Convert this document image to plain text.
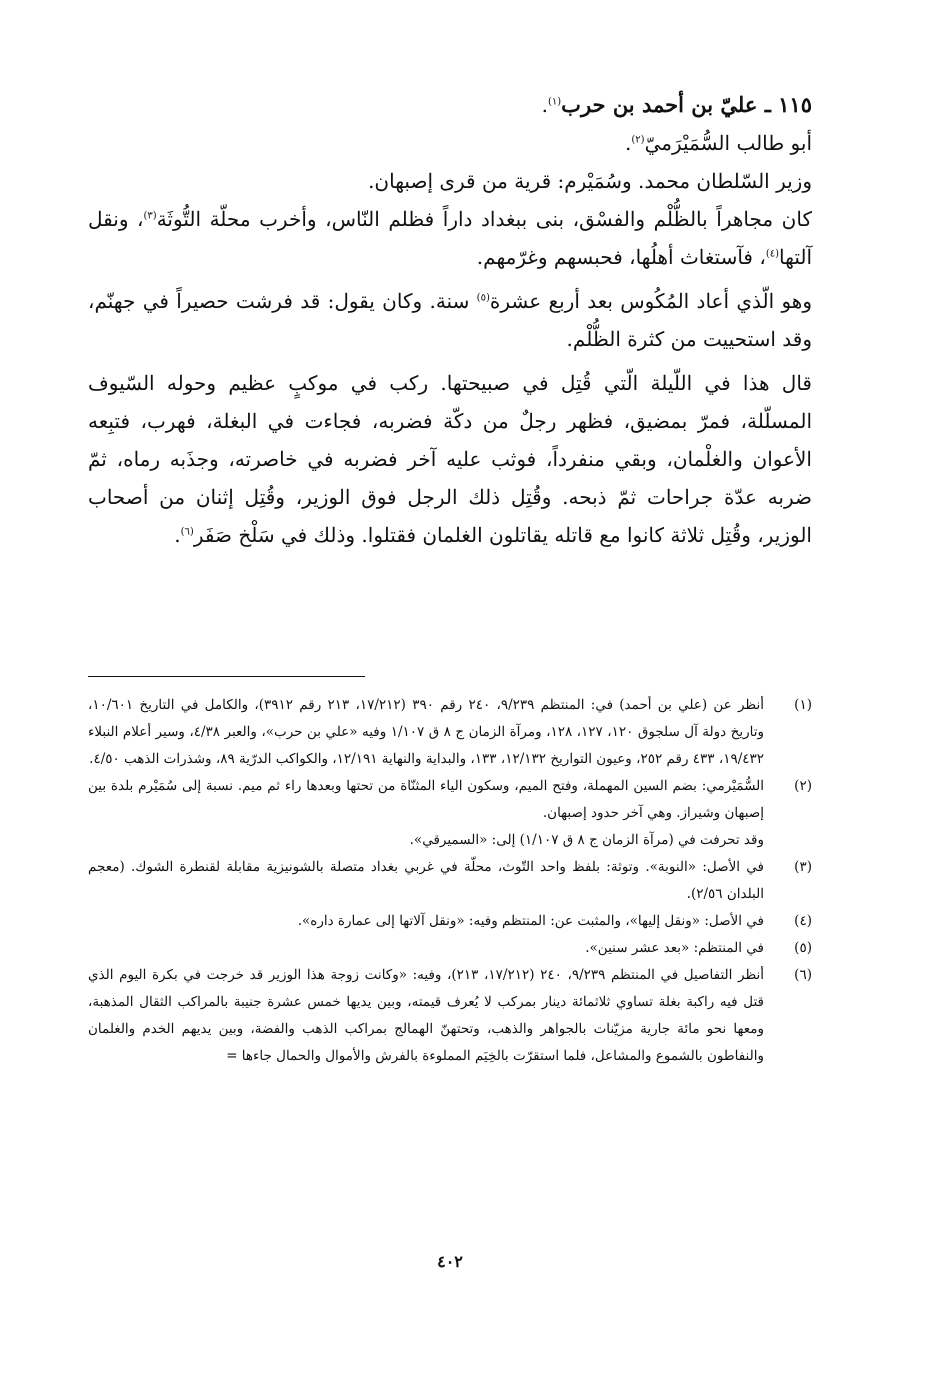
١١٥ ـ عليّ بن أحمد بن حرب$^{(١)}$.

أبو طالب السُّمَيْرَميّ$^{(٢)}$.

وزير السّلطان محمد. وسُمَيْرم: قرية من قرى إصبهان.

كان مجاهراً بالظُّلْم والفسْق، بنى ببغداد داراً فظلم النّاس، وأخرب محلّة التُّوثَة$^{(٣)}$، ونقل آلتها$^{(٤)}$، فآستغاث أهلُها، فحبسهم وغرّمهم.

وهو الّذي أعاد المُكُوس بعد أربع عشرة$^{(٥)}$ سنة. وكان يقول: قد فرشت حصيراً في جهنّم، وقد استحييت من كثرة الظُّلْم.

قال هذا في اللّيلة الّتي قُتِل في صبيحتها. ركب في موكبٍ عظيم وحوله السّيوف المسلّلة، فمرّ بمضيق، فظهر رجلٌ من دكّة فضربه، فجاءت في البغلة، فهرب، فتبِعه الأعوان والغلْمان، وبقي منفرداً، فوثب عليه آخر فضربه في خاصرته، وجذَبه رماه، ثمّ ضربه عدّة جراحات ثمّ ذبحه. وقُتِل ذلك الرجل فوق الوزير، وقُتِل إثنان من أصحاب الوزير، وقُتِل ثلاثة كانوا مع قاتله يقاتلون الغلمان فقتلوا. وذلك في سَلْخ صَفَر$^{(٦)}$.

(١)

أنظر عن (علي بن أحمد) في: المنتظم ٩/٢٣٩، ٢٤٠ رقم ٣٩٠ (١٧/٢١٢، ٢١٣ رقم ٣٩١٢)، والكامل في التاريخ ١٠/٦٠١، وتاريخ دولة آل سلجوق ١٢٠، ١٢٧، ١٢٨، ومرآة الزمان ج ٨ ق ١/١٠٧ وفيه «علي بن حرب»، والعبر ٤/٣٨، وسير أعلام النبلاء ١٩/٤٣٢، ٤٣٣ رقم ٢٥٢، وعيون التواريخ ١٢/١٣٢، ١٣٣، والبداية والنهاية ١٢/١٩١، والكواكب الدرّية ٨٩، وشذرات الذهب ٤/٥٠.

(٢)

السُّمَيْرمي: بضم السين المهملة، وفتح الميم، وسكون الياء المثنّاة من تحتها وبعدها راء ثم ميم. نسبة إلى سُمَيْرم بلدة بين إصبهان وشيراز. وهي آخر حدود إصبهان.

وقد تحرفت في (مرآة الزمان ج ٨ ق ١/١٠٧) إلى: «السميرقي».

(٣)

في الأصل: «النوبة». وتوثة: بلفظ واحد التّوث، محلّة في غربي بغداد متصلة بالشونيزية مقابلة لقنطرة الشوك. (معجم البلدان ٢/٥٦).

(٤)

في الأصل: «ونقل إليها»، والمثبت عن: المنتظم وفيه: «ونقل آلاتها إلى عمارة داره».

(٥)

في المنتظم: «بعد عشر سنين».

(٦)

أنظر التفاصيل في المنتظم ٩/٢٣٩، ٢٤٠ (١٧/٢١٢، ٢١٣)، وفيه: «وكانت زوجة هذا الوزير قد خرجت في بكرة اليوم الذي قتل فيه راكبة بغلة تساوي ثلاثمائة دينار بمركب لا يُعرف قيمته، وبين يديها خمس عشرة جنيبة بالمراكب الثقال المذهبة، ومعها نحو مائة جارية مزيّنات بالجواهر والذهب، وتحتهنّ الهمالج بمراكب الذهب والفضة، وبين يديهم الخدم والغلمان والنفاطون بالشموع والمشاعل، فلما استقرّت بالخِيَم المملوءة بالفرش والأموال والحمال جاءها =

٤٠٢
